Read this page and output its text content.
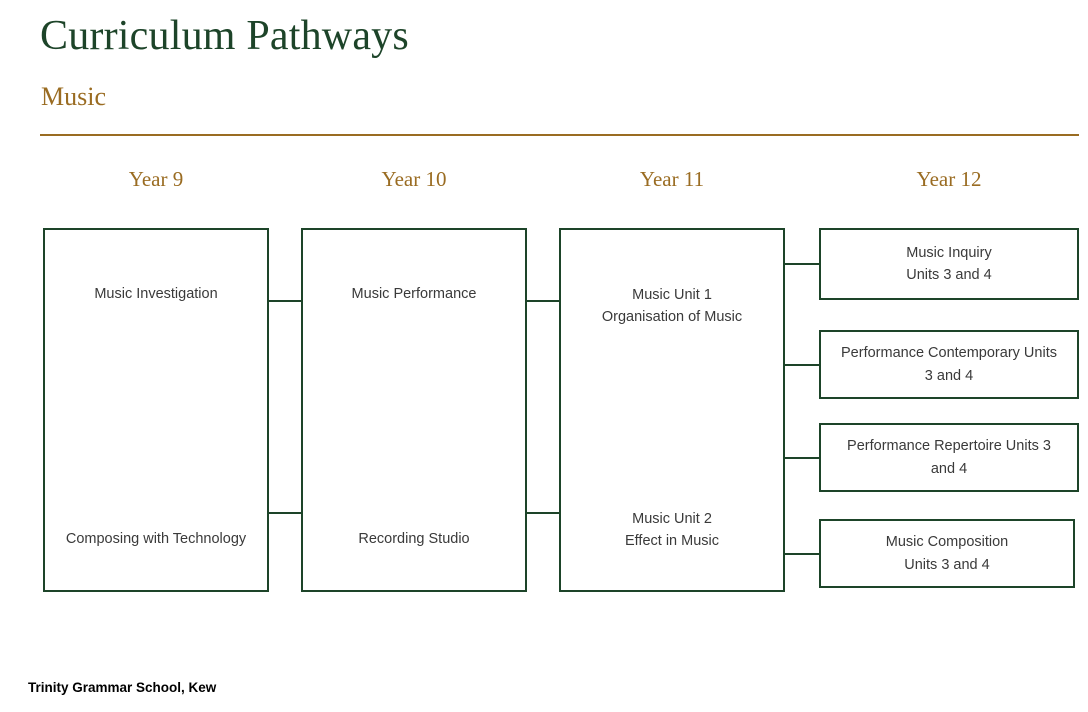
Curriculum Pathways
Music
Year 9	Year 10	Year 11	Year 12
Music Investigation
Composing with Technology
Music Performance
Recording Studio
Music Unit 1
Organisation of Music
Music Unit 2
Effect in Music
Music Inquiry
Units 3 and 4
Performance Contemporary Units
3 and 4
Performance Repertoire Units 3
and 4
Music Composition
Units 3 and 4
Trinity Grammar School, Kew
